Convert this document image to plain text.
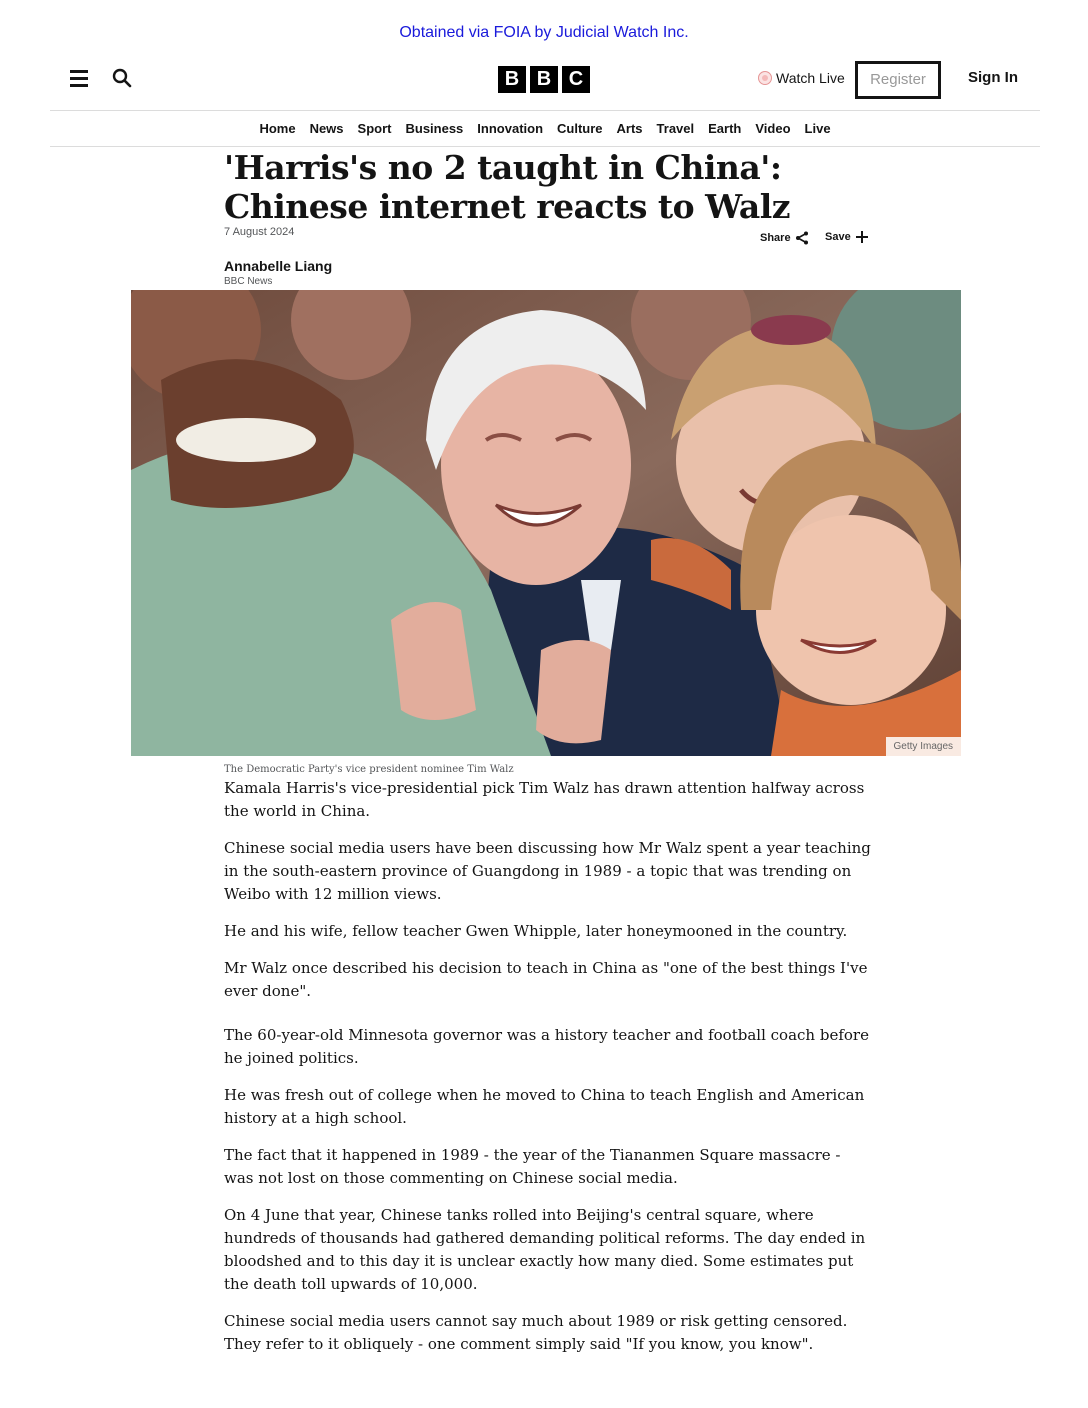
Obtained via FOIA by Judicial Watch Inc.
B B C	Watch Live	Register	Sign In
Home News Sport Business Innovation Culture Arts Travel Earth Video Live
'Harris's no 2 taught in China': Chinese internet reacts to Walz
7 August 2024	Share	Save
Annabelle Liang
BBC News
Getty Images
The Democratic Party's vice president nominee Tim Walz

Kamala Harris's vice-presidential pick Tim Walz has drawn attention halfway across the world in China.

Chinese social media users have been discussing how Mr Walz spent a year teaching in the south-eastern province of Guangdong in 1989 - a topic that was trending on Weibo with 12 million views.

He and his wife, fellow teacher Gwen Whipple, later honeymooned in the country.

Mr Walz once described his decision to teach in China as "one of the best things I've ever done".

The 60-year-old Minnesota governor was a history teacher and football coach before he joined politics.

He was fresh out of college when he moved to China to teach English and American history at a high school.

The fact that it happened in 1989 - the year of the Tiananmen Square massacre - was not lost on those commenting on Chinese social media.

On 4 June that year, Chinese tanks rolled into Beijing's central square, where hundreds of thousands had gathered demanding political reforms. The day ended in bloodshed and to this day it is unclear exactly how many died. Some estimates put the death toll upwards of 10,000.

Chinese social media users cannot say much about 1989 or risk getting censored. They refer to it obliquely - one comment simply said "If you know, you know".
